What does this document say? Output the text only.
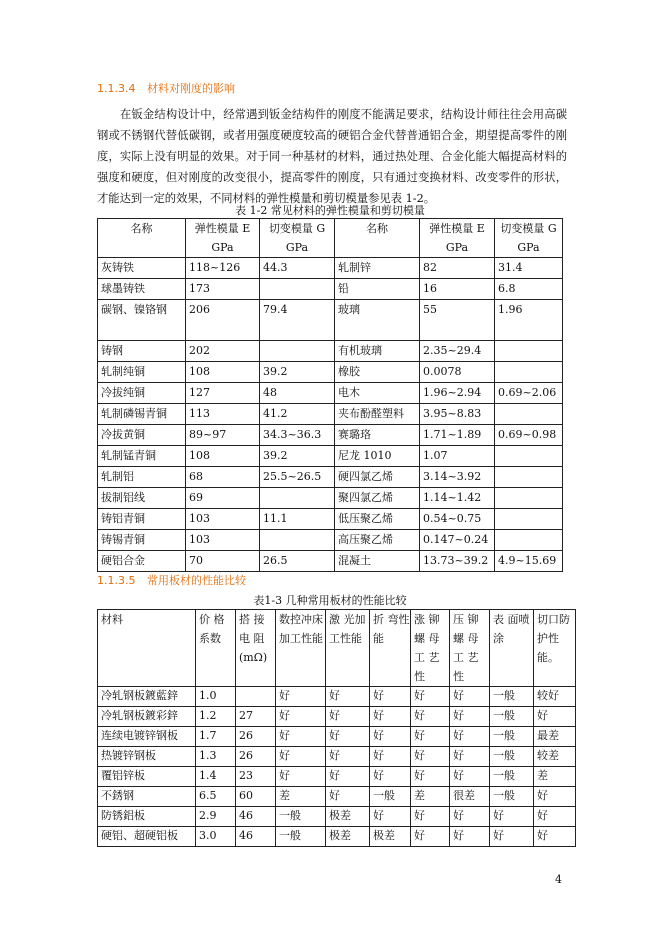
1.1.3.4 材料对刚度的影响

在钣金结构设计中，经常遇到钣金结构件的刚度不能满足要求，结构设计师往往会用高碳钢或不锈钢代替低碳钢，或者用强度硬度较高的硬铝合金代替普通铝合金，期望提高零件的刚度，实际上没有明显的效果。对于同一种基材的材料，通过热处理、合金化能大幅提高材料的强度和硬度，但对刚度的改变很小，提高零件的刚度，只有通过变换材料、改变零件的形状，才能达到一定的效果，不同材料的弹性模量和剪切模量参见表 1-2。

表 1-2 常见材料的弹性模量和剪切模量
名称	弹性模量 E GPa	切变模量 G GPa	名称	弹性模量 E GPa	切变模量 G GPa
灰铸铁	118~126	44.3	轧制锌	82	31.4
球墨铸铁	173		铅	16	6.8
碳钢、镍铬钢	206	79.4	玻璃	55	1.96
铸钢	202		有机玻璃	2.35~29.4	
轧制纯铜	108	39.2	橡胶	0.0078	
冷拔纯铜	127	48	电木	1.96~2.94	0.69~2.06
轧制磷锡青铜	113	41.2	夹布酚醛塑料	3.95~8.83	
冷拔黄铜	89~97	34.3~36.3	赛璐珞	1.71~1.89	0.69~0.98
轧制锰青铜	108	39.2	尼龙 1010	1.07	
轧制铝	68	25.5~26.5	硬四氯乙烯	3.14~3.92	
拔制铝线	69		聚四氯乙烯	1.14~1.42	
铸铝青铜	103	11.1	低压聚乙烯	0.54~0.75	
铸锡青铜	103		高压聚乙烯	0.147~0.24	
硬铝合金	70	26.5	混凝土	13.73~39.2	4.9~15.69
1.1.3.5 常用板材的性能比较
表1-3 几种常用板材的性能比较
材料	价 格系数	搭 接电 阻(mΩ)	数控冲床加工性能	激 光加 工性能	折 弯性能	涨 铆螺 母工 艺性	压 铆螺 母工 艺性	表 面喷涂	切口防护性能。
冷轧钢板鍍藍鋅	1.0		好	好	好	好	好	一般	较好
冷轧钢板鍍彩鋅	1.2	27	好	好	好	好	好	一般	好
连续电镀锌钢板	1.7	26	好	好	好	好	好	一般	最差
热镀锌钢板	1.3	26	好	好	好	好	好	一般	较差
覆铝锌板	1.4	23	好	好	好	好	好	一般	差
不銹钢	6.5	60	差	好	一般	差	很差	一般	好
防锈鋁板	2.9	46	一般	极差	好	好	好	好	好
硬铝、超硬铝板	3.0	46	一般	极差	极差	好	好	好	好
4
